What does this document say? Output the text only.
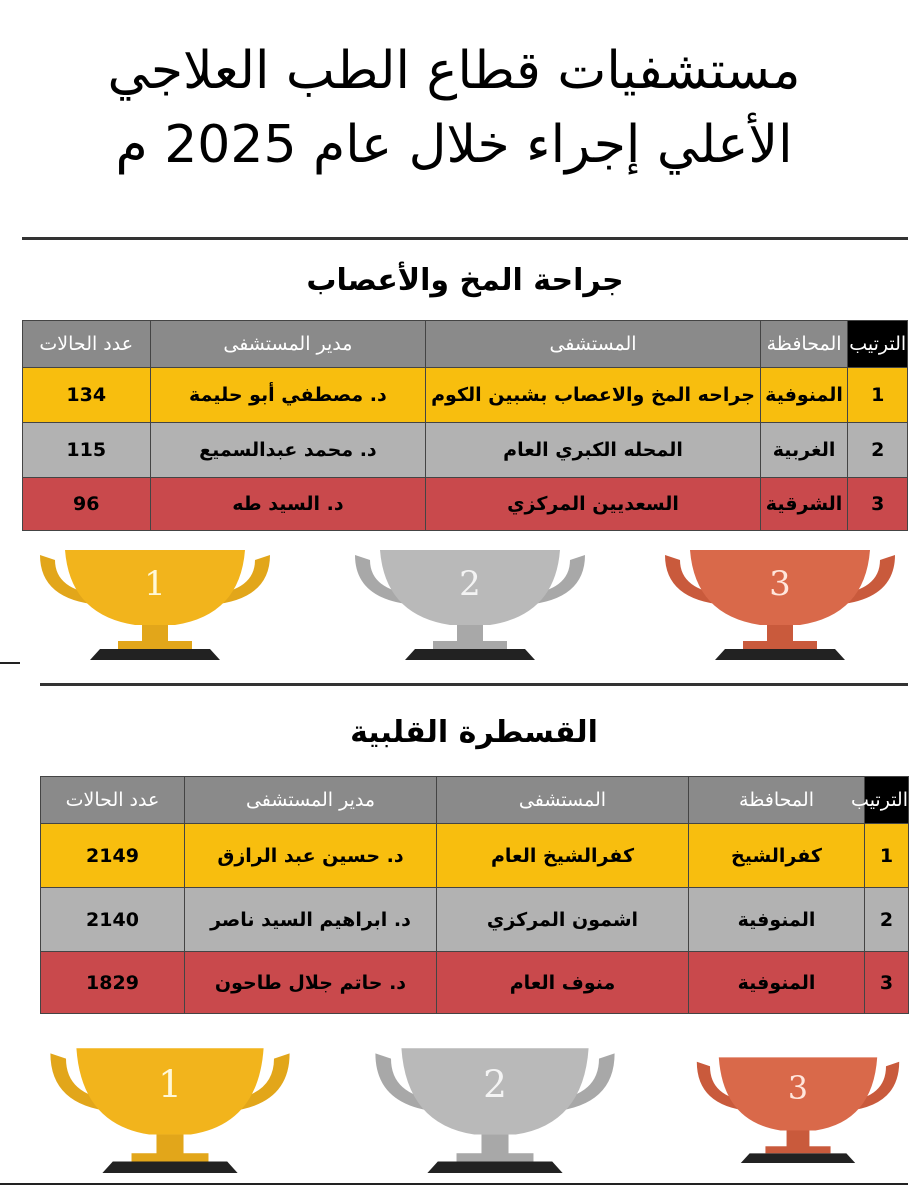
مستشفيات قطاع الطب العلاجي
الأعلي إجراء خلال عام 2025 م
جراحة المخ والأعصاب
الترتيب	المحافظة	المستشفى	مدير المستشفى	عدد الحالات
1	المنوفية	جراحه المخ والاعصاب بشبين الكوم	د. مصطفي أبو حليمة	134
2	الغربية	المحله الكبري العام	د. محمد عبدالسميع	115
3	الشرقية	السعديين المركزي	د. السيد طه	96
1	2	3
القسطرة القلبية
الترتيب	المحافظة	المستشفى	مدير المستشفى	عدد الحالات
1	كفرالشيخ	كفرالشيخ العام	د. حسين عبد الرازق	2149
2	المنوفية	اشمون المركزي	د. ابراهيم السيد ناصر	2140
3	المنوفية	منوف العام	د. حاتم جلال طاحون	1829
1	2	3
